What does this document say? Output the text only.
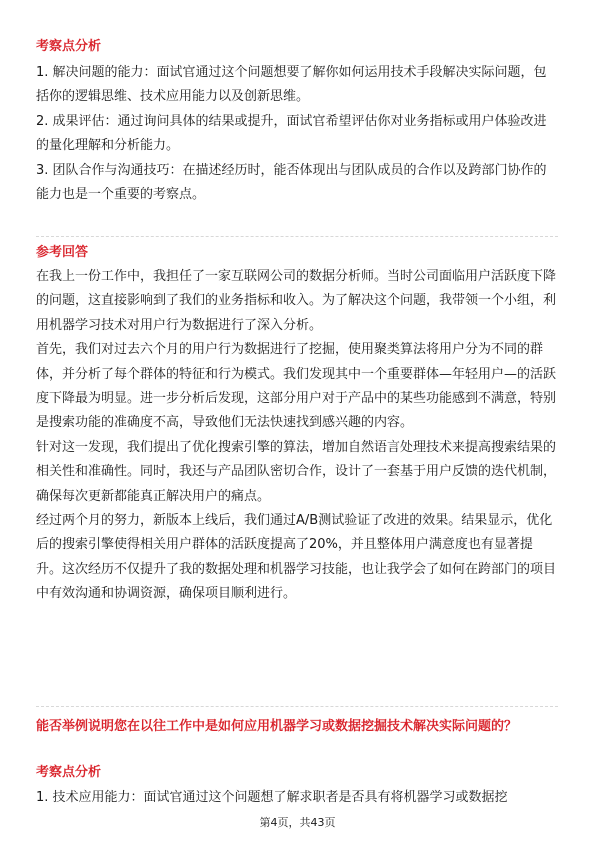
考察点分析

1. 解决问题的能力：面试官通过这个问题想要了解你如何运用技术手段解决实际问题，包括你的逻辑思维、技术应用能力以及创新思维。

2. 成果评估：通过询问具体的结果或提升，面试官希望评估你对业务指标或用户体验改进的量化理解和分析能力。

3. 团队合作与沟通技巧：在描述经历时，能否体现出与团队成员的合作以及跨部门协作的能力也是一个重要的考察点。

参考回答

在我上一份工作中，我担任了一家互联网公司的数据分析师。当时公司面临用户活跃度下降的问题，这直接影响到了我们的业务指标和收入。为了解决这个问题，我带领一个小组，利用机器学习技术对用户行为数据进行了深入分析。

首先，我们对过去六个月的用户行为数据进行了挖掘，使用聚类算法将用户分为不同的群体，并分析了每个群体的特征和行为模式。我们发现其中一个重要群体—年轻用户—的活跃度下降最为明显。进一步分析后发现，这部分用户对于产品中的某些功能感到不满意，特别是搜索功能的准确度不高，导致他们无法快速找到感兴趣的内容。

针对这一发现，我们提出了优化搜索引擎的算法，增加自然语言处理技术来提高搜索结果的相关性和准确性。同时，我还与产品团队密切合作，设计了一套基于用户反馈的迭代机制，确保每次更新都能真正解决用户的痛点。

经过两个月的努力，新版本上线后，我们通过A/B测试验证了改进的效果。结果显示，优化后的搜索引擎使得相关用户群体的活跃度提高了20%，并且整体用户满意度也有显著提升。这次经历不仅提升了我的数据处理和机器学习技能，也让我学会了如何在跨部门的项目中有效沟通和协调资源，确保项目顺利进行。

能否举例说明您在以往工作中是如何应用机器学习或数据挖掘技术解决实际问题的？

考察点分析

1. 技术应用能力：面试官通过这个问题想了解求职者是否具有将机器学习或数据挖

第4页，共43页
